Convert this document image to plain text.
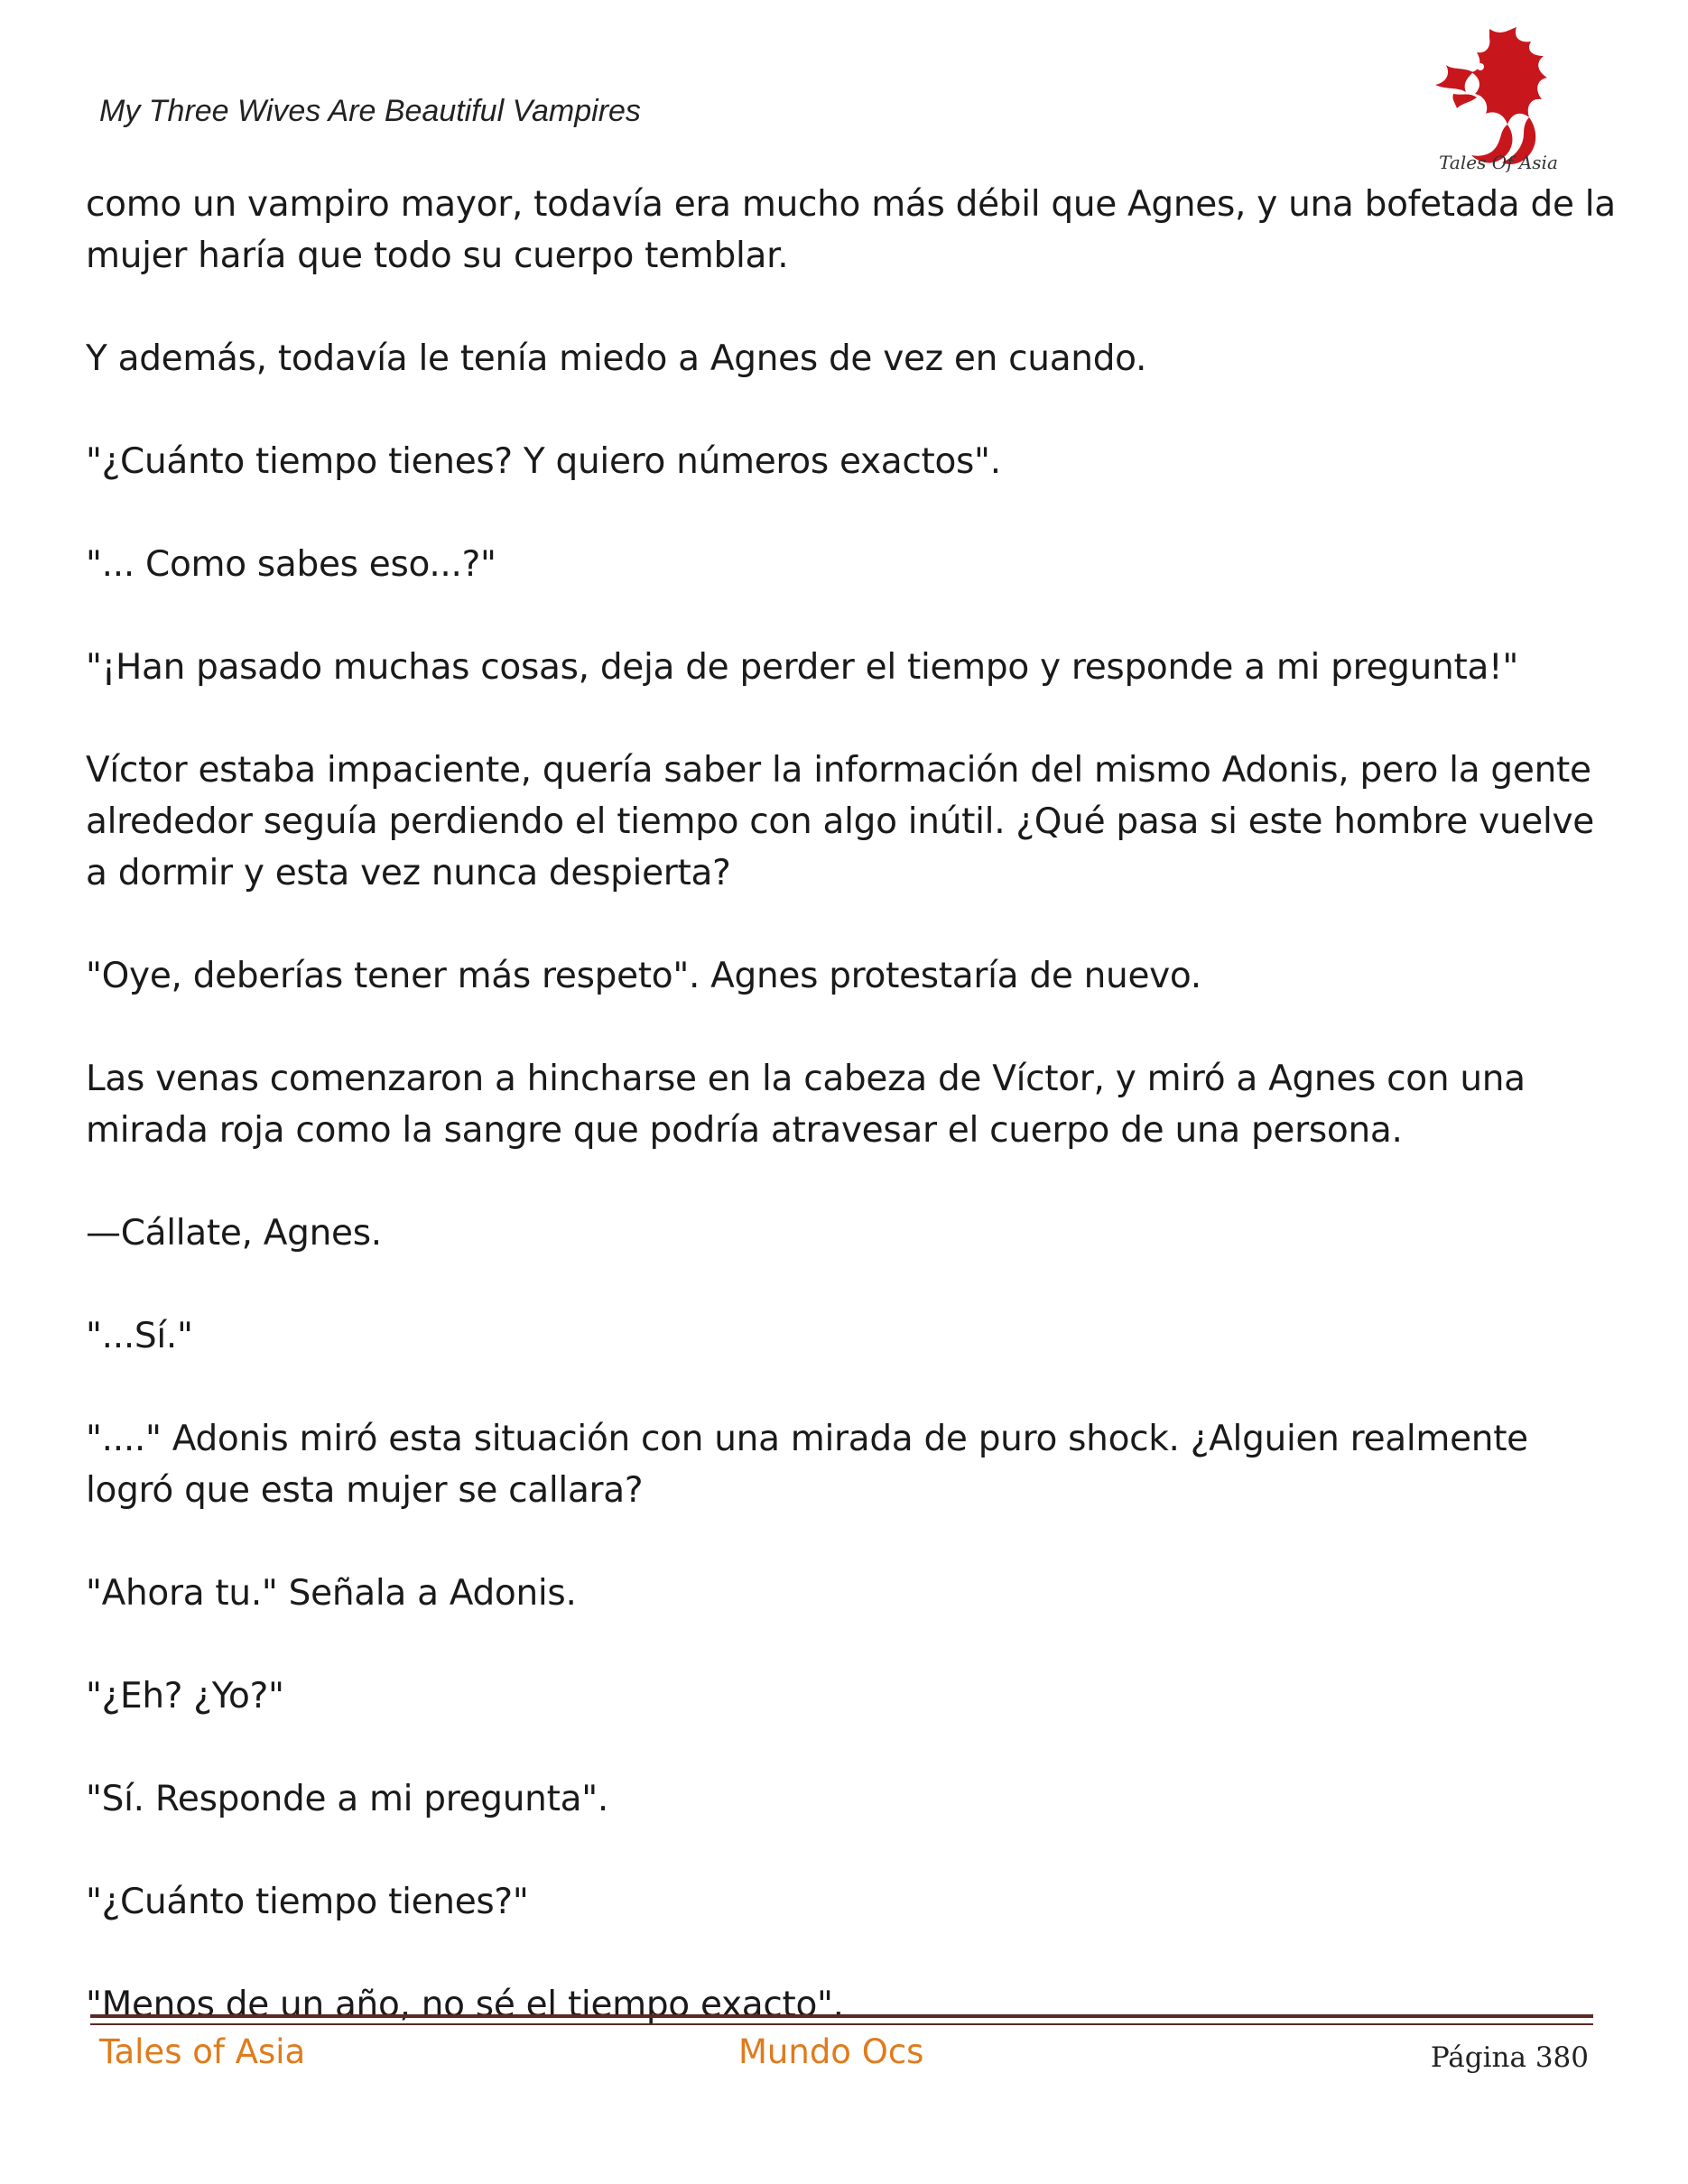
My Three Wives Are Beautiful Vampires
Tales Of Asia

como un vampiro mayor, todavía era mucho más débil que Agnes, y una bofetada de la mujer haría que todo su cuerpo temblar.

Y además, todavía le tenía miedo a Agnes de vez en cuando.

"¿Cuánto tiempo tienes? Y quiero números exactos".

"... Como sabes eso...?"

"¡Han pasado muchas cosas, deja de perder el tiempo y responde a mi pregunta!"

Víctor estaba impaciente, quería saber la información del mismo Adonis, pero la gente alrededor seguía perdiendo el tiempo con algo inútil. ¿Qué pasa si este hombre vuelve a dormir y esta vez nunca despierta?

"Oye, deberías tener más respeto". Agnes protestaría de nuevo.

Las venas comenzaron a hincharse en la cabeza de Víctor, y miró a Agnes con una mirada roja como la sangre que podría atravesar el cuerpo de una persona.

—Cállate, Agnes.

"...Sí."

"...." Adonis miró esta situación con una mirada de puro shock. ¿Alguien realmente logró que esta mujer se callara?

"Ahora tu." Señala a Adonis.

"¿Eh? ¿Yo?"

"Sí. Responde a mi pregunta".

"¿Cuánto tiempo tienes?"

"Menos de un año, no sé el tiempo exacto".

Tales of Asia	Mundo Ocs	Página 380
